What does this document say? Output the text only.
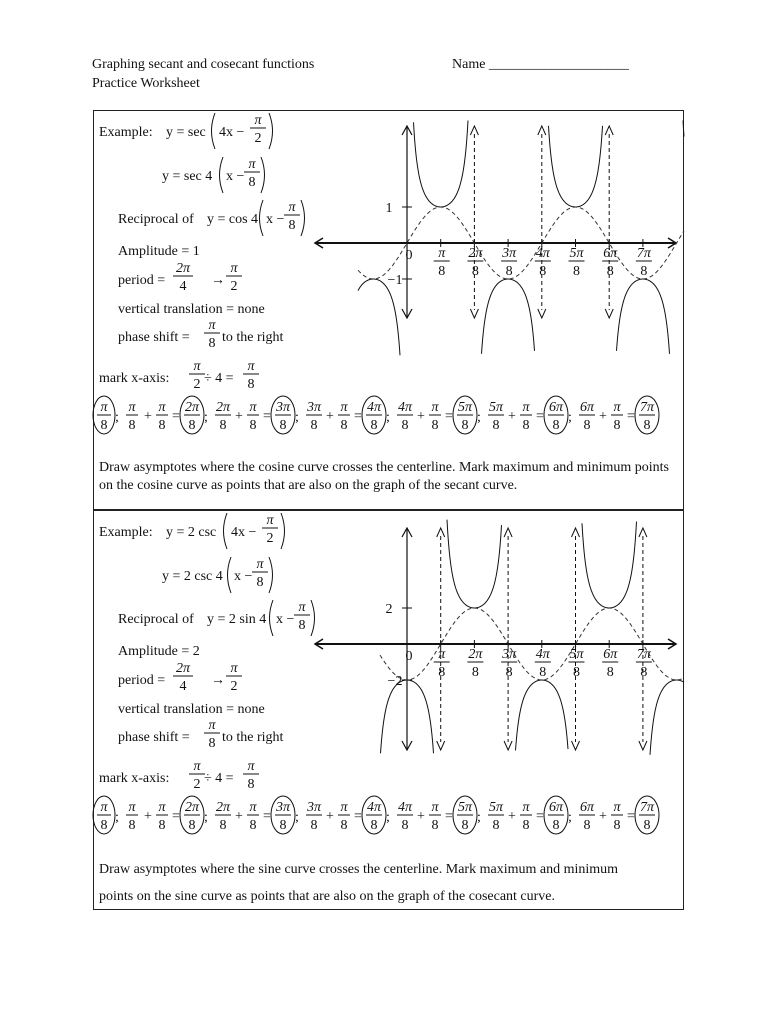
Graphing secant and cosecant functions
Practice Worksheet
Name ____________________
Example: y = sec 4x −
π
2
y = sec 4 x −
π
8
Reciprocal of y = cos 4 x −
π
8
Amplitude = 1
period =
2π
4 →
π
2
vertical translation = none
phase shift =
π
8 to the right
mark x-axis:
π
2 ÷ 4 =
π
8
Example: y = 2 csc 4x −
π
2
y = 2 csc 4 x −
π
8
Reciprocal of y = 2 sin 4 x −
π
8
Amplitude = 2
period =
2π
4 →
π
2
vertical translation = none
phase shift =
π
8 to the right
mark x-axis:
π
2 ÷ 4 =
π
8
π
8
;
π
8
+
π
8
=
2π
8
;
2π
8
+
π
8
=
3π
8
;
3π
8
+
π
8
=
4π
8
;
4π
8
+
π
8
=
5π
8
;
5π
8
+
π
8
=
6π
8
;
6π
8
+
π
8
=
7π
8
π
8
;
π
8
+
π
8
=
2π
8
;
2π
8
+
π
8
=
3π
8
;
3π
8
+
π
8
=
4π
8
;
4π
8
+
π
8
=
5π
8
;
5π
8
+
π
8
=
6π
8
;
6π
8
+
π
8
=
7π
8
Draw asymptotes where the cosine curve crosses the centerline. Mark maximum and minimum points on the cosine curve as points that are also on the graph of the secant curve.
Draw asymptotes where the sine curve crosses the centerline. Mark maximum and minimum
points on the sine curve as points that are also on the graph of the cosecant curve.
1
−1
0 π
8
2π
8
3π
8
4π
8
5π
8
6π
8
7π
8
2
−2
0 π
8
2π
8
3π
8
4π
8
5π
8
6π
8
7π
8
